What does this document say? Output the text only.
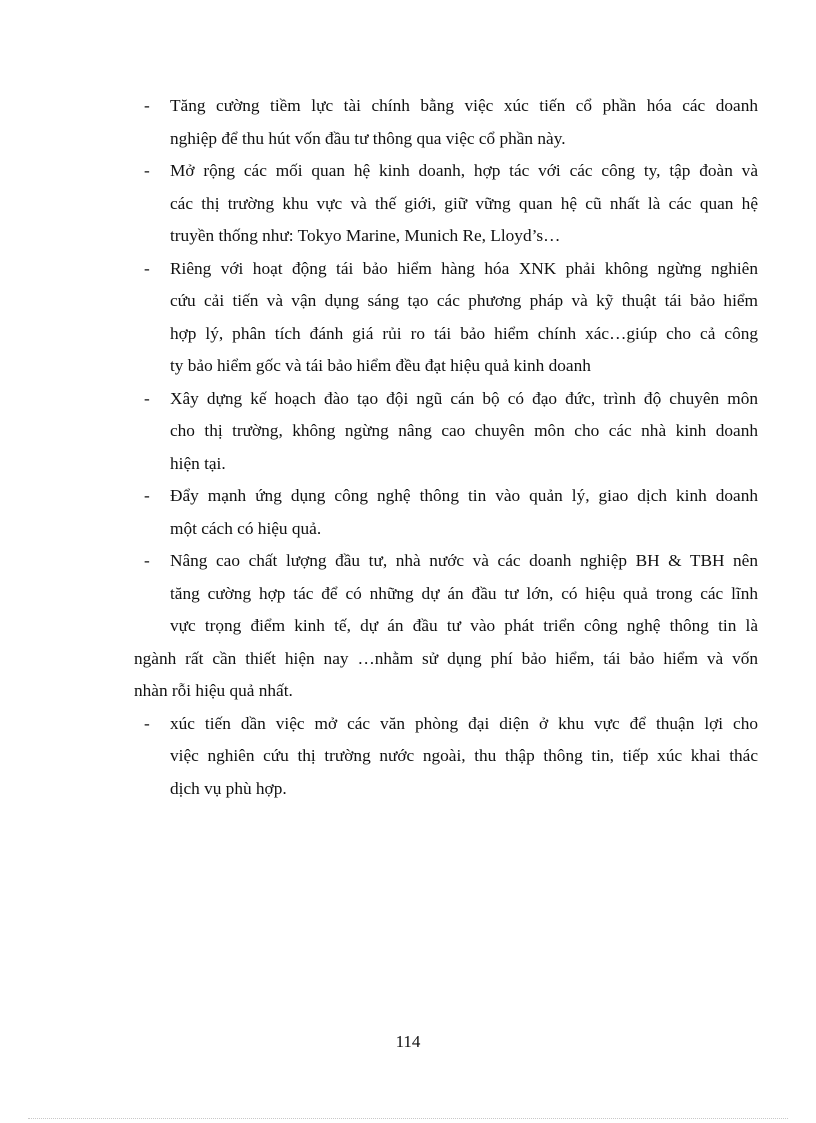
- Tăng cường tiềm lực tài chính bằng việc xúc tiến cổ phần hóa các doanh
nghiệp để thu hút vốn đầu tư thông qua việc cổ phần này.
- Mở rộng các mối quan hệ kinh doanh, hợp tác với các công ty, tập đoàn và
các thị trường khu vực và thế giới, giữ vững quan hệ cũ nhất là các quan hệ
truyền thống như: Tokyo Marine, Munich Re, Lloyd’s…
- Riêng với hoạt động tái bảo hiểm hàng hóa XNK phải không ngừng nghiên
cứu cải tiến và vận dụng sáng tạo các phương pháp và kỹ thuật tái bảo hiểm
hợp lý, phân tích đánh giá rủi ro tái bảo hiểm chính xác…giúp cho cả công
ty bảo hiểm gốc và tái bảo hiểm đều đạt hiệu quả kinh doanh
- Xây dựng kế hoạch đào tạo đội ngũ cán bộ có đạo đức, trình độ chuyên môn
cho thị trường, không ngừng nâng cao chuyên môn cho các nhà kinh doanh
hiện tại.
- Đẩy mạnh ứng dụng công nghệ thông tin vào quản lý, giao dịch kinh doanh
một cách có hiệu quả.
- Nâng cao chất lượng đầu tư, nhà nước và các doanh nghiệp BH & TBH nên
tăng cường hợp tác để có những dự án đầu tư lớn, có hiệu quả trong các lĩnh
vực trọng điểm kinh tế, dự án đầu tư vào phát triển công nghệ thông tin là
ngành rất cần thiết hiện nay …nhằm sử dụng phí bảo hiểm, tái bảo hiểm và vốn
nhàn rỗi hiệu quả nhất.
- xúc tiến dần việc mở các văn phòng đại diện ở khu vực để thuận lợi cho
việc nghiên cứu thị trường nước ngoài, thu thập thông tin, tiếp xúc khai thác
dịch vụ phù hợp.
114
